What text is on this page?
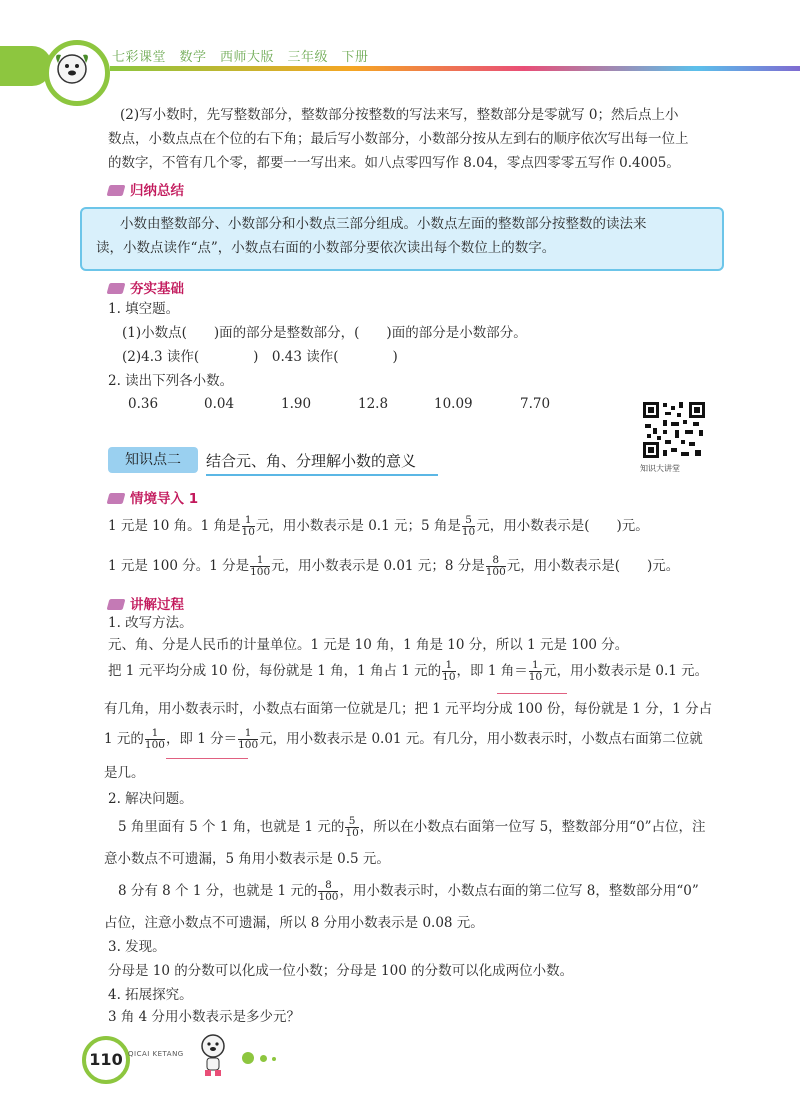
七彩课堂　数学　西师大版　三年级　下册
(2)写小数时，先写整数部分，整数部分按整数的写法来写，整数部分是零就写 0；然后点上小
数点，小数点点在个位的右下角；最后写小数部分，小数部分按从左到右的顺序依次写出每一位上
的数字，不管有几个零，都要一一写出来。如八点零四写作 8.04，零点四零零五写作 0.4005。
归纳总结
小数由整数部分、小数部分和小数点三部分组成。小数点左面的整数部分按整数的读法来
读，小数点读作“点”，小数点右面的小数部分要依次读出每个数位上的数字。
夯实基础
1. 填空题。
(1)小数点(　　)面的部分是整数部分，(　　)面的部分是小数部分。
(2)4.3 读作(　　　　)　0.43 读作(　　　　)
2. 读出下列各小数。
0.36	0.04	1.90	12.8	10.09	7.70
知识大讲堂
知识点二	结合元、角、分理解小数的意义
情境导入 1
1 元是 10 角。1 角是 $\frac{1}{10}$ 元，用小数表示是 0.1 元；5 角是 $\frac{5}{10}$ 元，用小数表示是(　　)元。
1 元是 100 分。1 分是 $\frac{1}{100}$ 元，用小数表示是 0.01 元；8 分是 $\frac{8}{100}$ 元，用小数表示是(　　)元。
讲解过程
1. 改写方法。
元、角、分是人民币的计量单位。1 元是 10 角，1 角是 10 分，所以 1 元是 100 分。
把 1 元平均分成 10 份，每份就是 1 角，1 角占 1 元的 $\frac{1}{10}$ ，即 1 角＝ $\frac{1}{10}$ 元，用小数表示是 0.1 元。
有几角，用小数表示时，小数点右面第一位就是几；把 1 元平均分成 100 份，每份就是 1 分，1 分占
1 元的 $\frac{1}{100}$ ，即 1 分＝ $\frac{1}{100}$ 元，用小数表示是 0.01 元。有几分，用小数表示时，小数点右面第二位就
是几。
2. 解决问题。
5 角里面有 5 个 1 角，也就是 1 元的 $\frac{5}{10}$ ，所以在小数点右面第一位写 5，整数部分用“0”占位，注
意小数点不可遗漏，5 角用小数表示是 0.5 元。
8 分有 8 个 1 分，也就是 1 元的 $\frac{8}{100}$ ，用小数表示时，小数点右面的第二位写 8，整数部分用“0”
占位，注意小数点不可遗漏，所以 8 分用小数表示是 0.08 元。
3. 发现。
分母是 10 的分数可以化成一位小数；分母是 100 的分数可以化成两位小数。
4. 拓展探究。
3 角 4 分用小数表示是多少元？
110 QICAI KETANG
